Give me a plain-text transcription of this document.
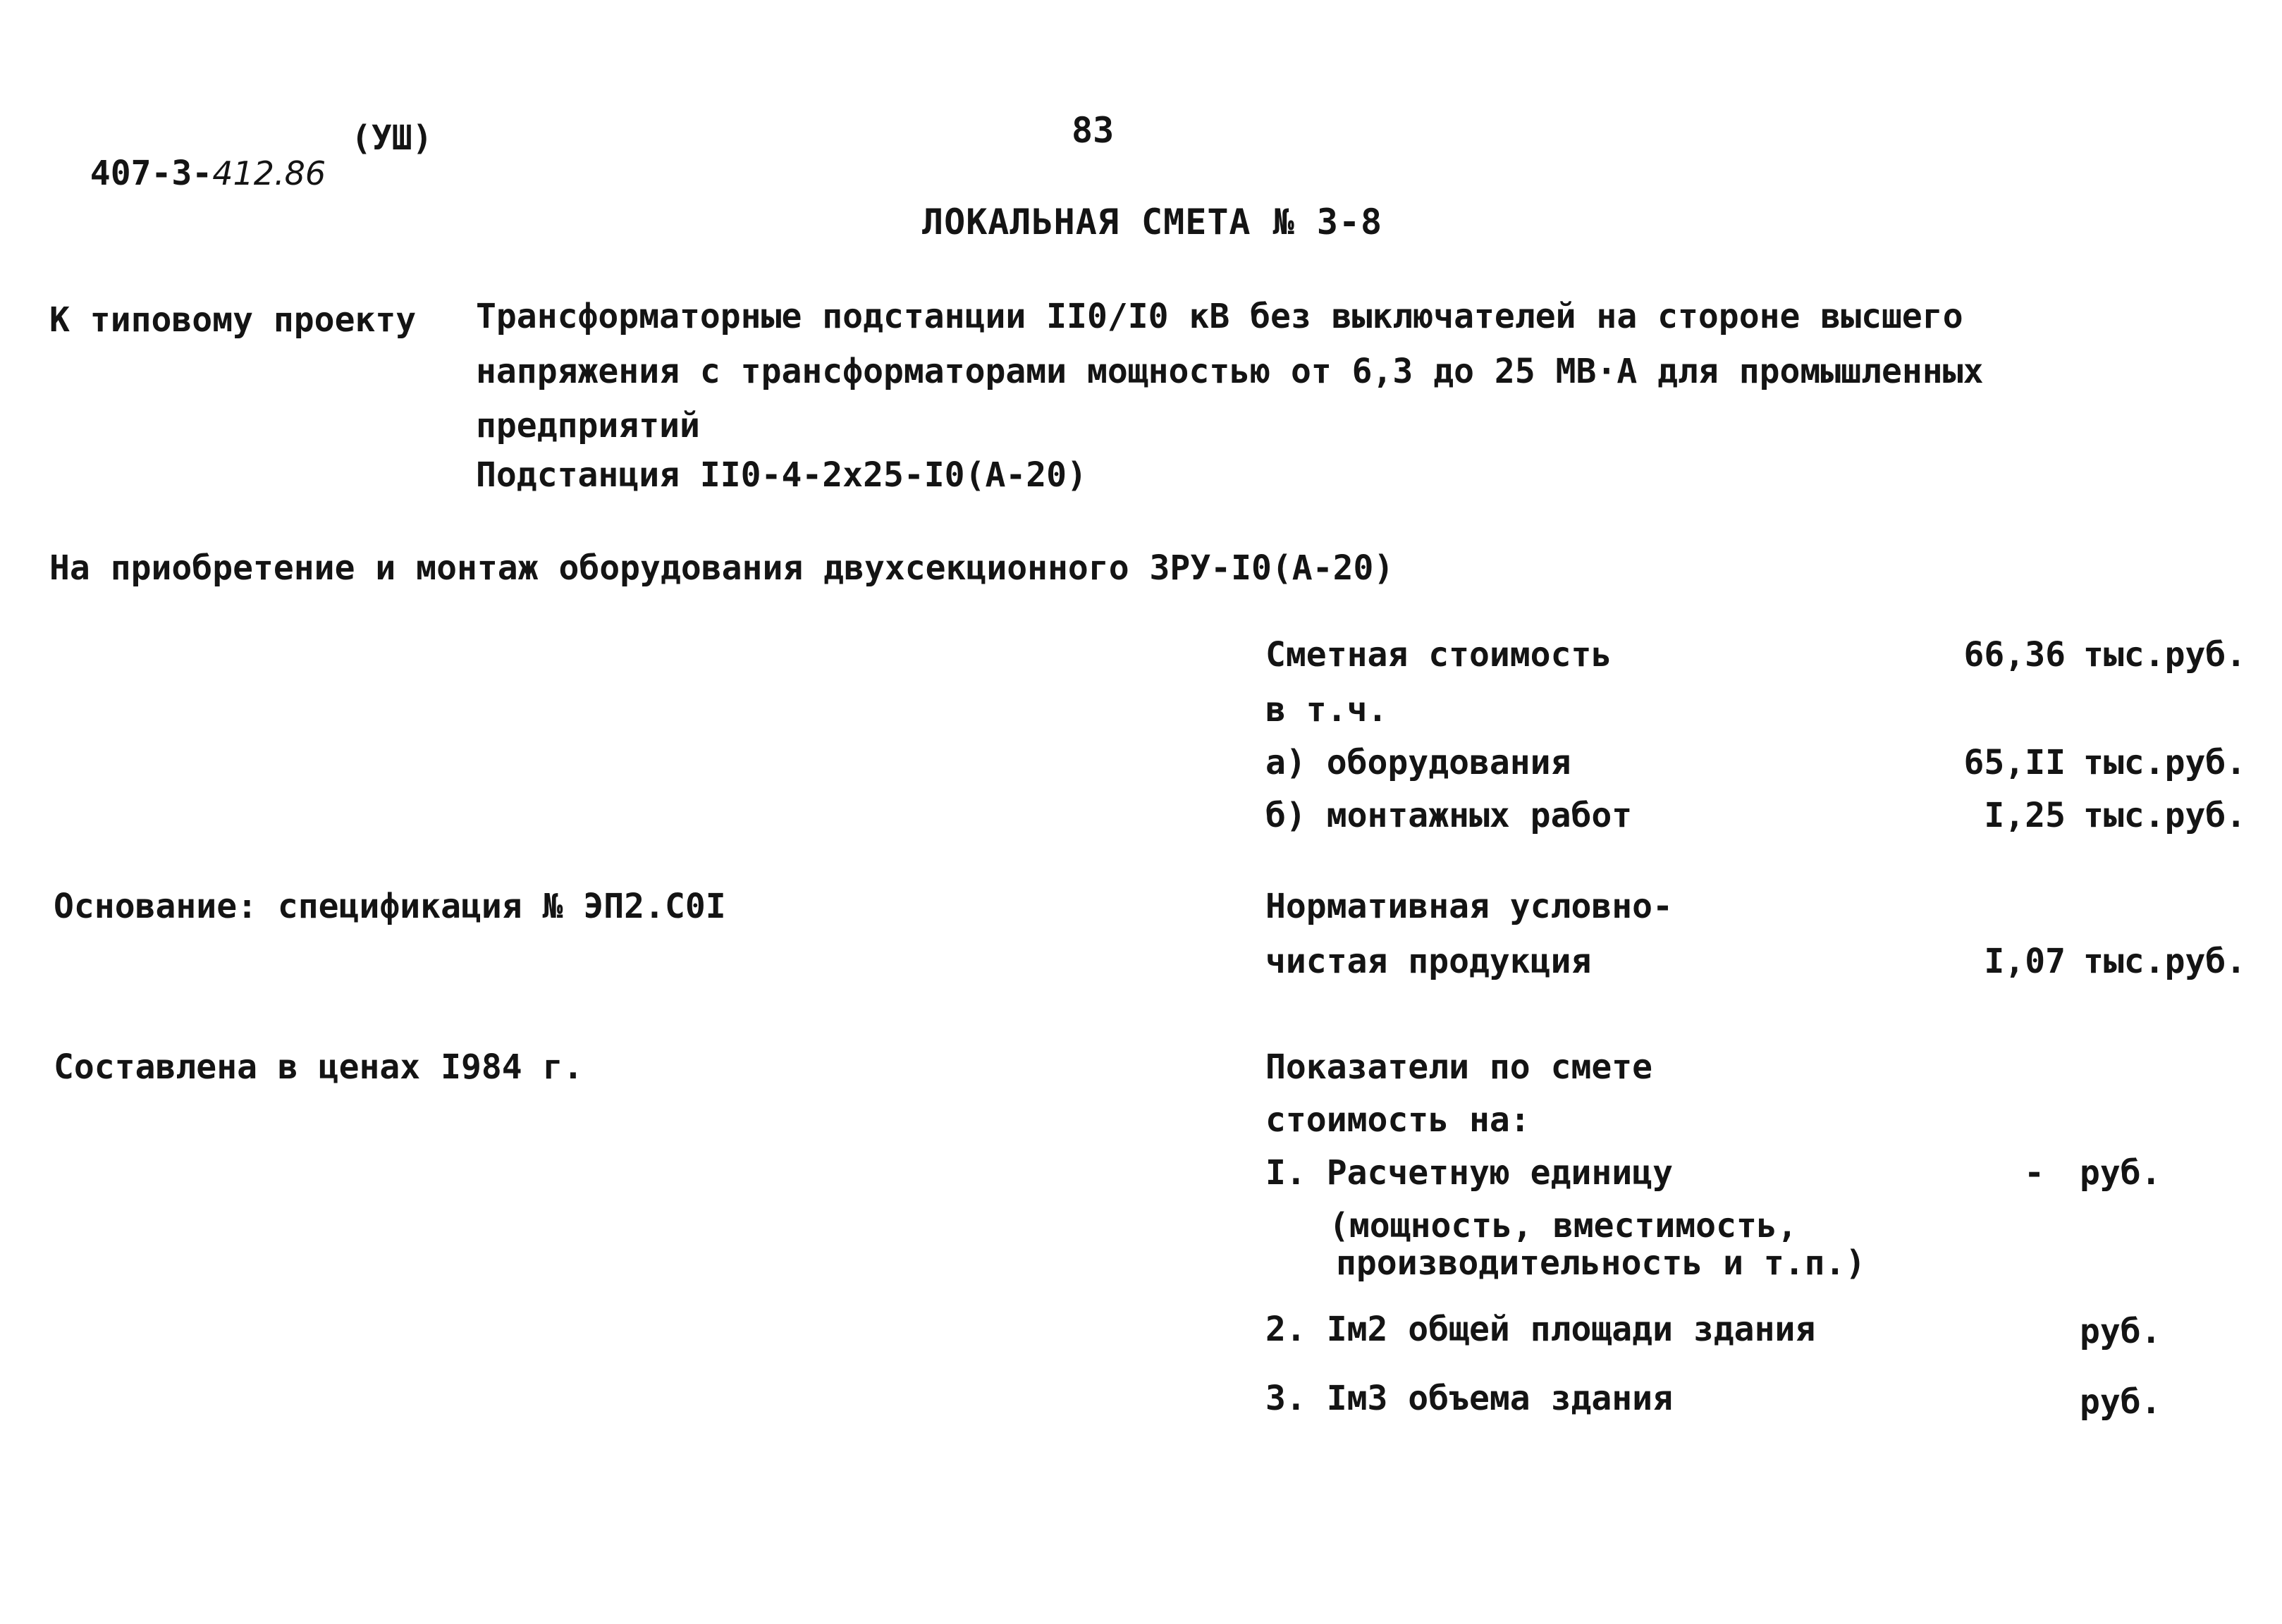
407-3-412.86

(УШ)	83
ЛОКАЛЬНАЯ СМЕТА № 3-8
К типовому проекту Трансформаторные подстанции II0/I0 кВ без выключателей на стороне высшего
напряжения с трансформаторами мощностью от 6,3 до 25 МВ·А для промышленных
предприятий
Подстанция II0-4-2x25-I0(А-20)
На приобретение и монтаж оборудования двухсекционного ЗРУ-I0(А-20)
Сметная стоимость	66,36 тыс.руб.
в т.ч.
а) оборудования	65,II тыс.руб.
б) монтажных работ	I,25 тыс.руб.
Основание: спецификация № ЭП2.С0I	Нормативная условно-
чистая продукция	I,07 тыс.руб.
Составлена в ценах I984 г.	Показатели по смете
стоимость на:
I. Расчетную единицу	- руб.
(мощность, вместимость,
производительность и т.п.)
2. Iм2 общей площади здания	руб.
3. Iм3 объема здания	руб.
